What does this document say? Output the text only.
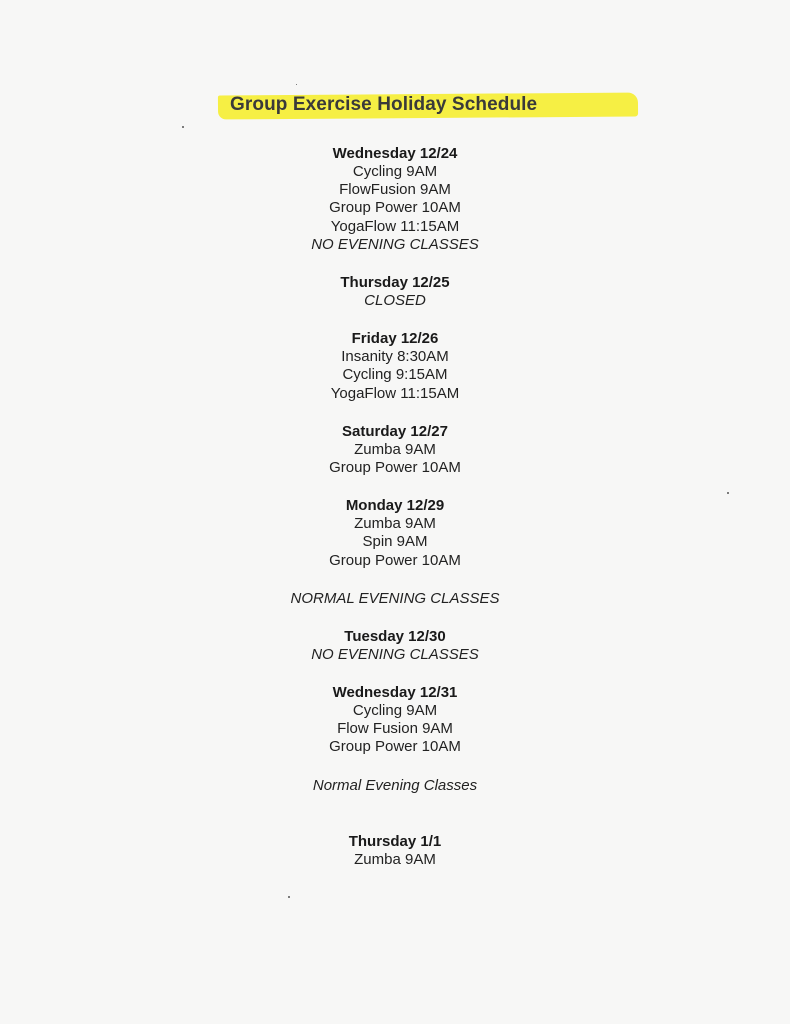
Group Exercise Holiday Schedule
Wednesday 12/24
Cycling 9AM
FlowFusion 9AM
Group Power 10AM
YogaFlow 11:15AM
NO EVENING CLASSES
Thursday 12/25
CLOSED
Friday 12/26
Insanity 8:30AM
Cycling 9:15AM
YogaFlow 11:15AM
Saturday 12/27
Zumba 9AM
Group Power 10AM
Monday 12/29
Zumba 9AM
Spin 9AM
Group Power 10AM
NORMAL EVENING CLASSES
Tuesday 12/30
NO EVENING CLASSES
Wednesday 12/31
Cycling 9AM
Flow Fusion 9AM
Group Power 10AM
Normal Evening Classes
Thursday 1/1
Zumba 9AM
